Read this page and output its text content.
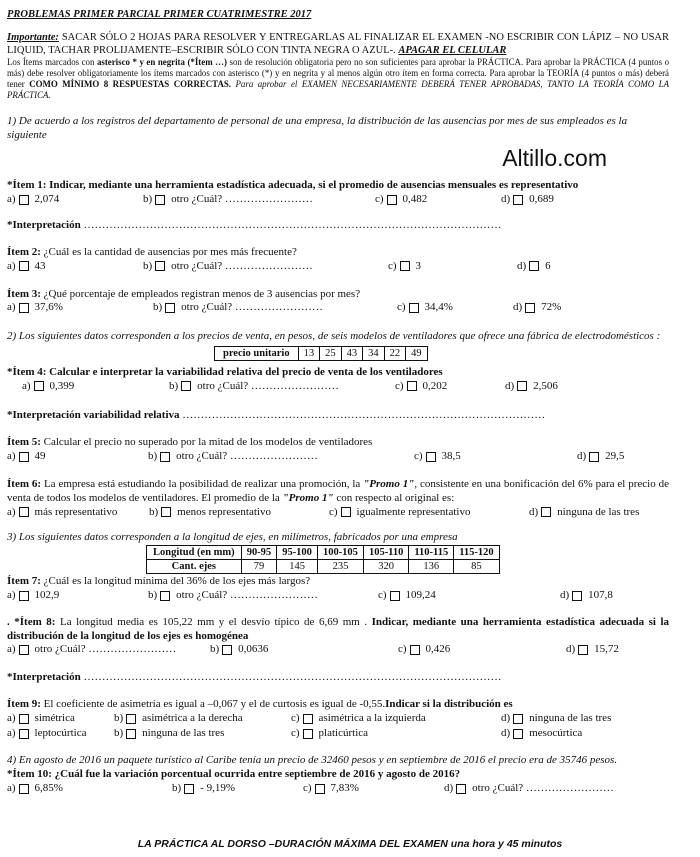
PROBLEMAS PRIMER PARCIAL PRIMER CUATRIMESTRE 2017
Importante: SACAR SÓLO 2 HOJAS PARA RESOLVER Y ENTREGARLAS AL FINALIZAR EL EXAMEN -NO ESCRIBIR CON LÁPIZ – NO USAR LIQUID, TACHAR PROLIJAMENTE–ESCRIBIR SÓLO CON TINTA NEGRA O AZUL-. APAGAR EL CELULAR
Los Ítems marcados con asterisco * y en negrita (*Ítem …) son de resolución obligatoria pero no son suficientes para aprobar la PRÁCTICA. Para aprobar la PRÁCTICA (4 puntos o más) debe resolver obligatoriamente los ítems marcados con asterisco (*) y en negrita y al menos algún otro ítem en forma correcta. Para aprobar la TEORÍA (4 puntos o más) deberá tener COMO MÍNIMO 8 RESPUESTAS CORRECTAS. Para aprobar el EXAMEN NECESARIAMENTE DEBERÁ TENER APROBADAS, TANTO LA TEORÍA COMO LA PRÁCTICA.
1) De acuerdo a los registros del departamento de personal de una empresa, la distribución de las ausencias por mes de sus empleados es la siguiente
Altillo.com
*Ítem 1: Indicar, mediante una herramienta estadística adecuada, si el promedio de ausencias mensuales es representativo
a) 2,074	b) otro ¿Cuál? ……………………	c) 0,482	d) 0,689
*Interpretación ……………………………………………………………………………………………………
Ítem 2: ¿Cuál es la cantidad de ausencias por mes más frecuente?
a) 43	b) otro ¿Cuál? ……………………	c) 3	d) 6
Ítem 3: ¿Qué porcentaje de empleados registran menos de 3 ausencias por mes?
a) 37,6%	b) otro ¿Cuál? ……………………	c) 34,4%	d) 72%
2) Los siguientes datos corresponden a los precios de venta, en pesos, de seis modelos de ventiladores que ofrece una fábrica de electrodomésticos :
precio unitario	13	25	43	34	22	49
*Ítem 4: Calcular e interpretar la variabilidad relativa del precio de venta de los ventiladores
a) 0,399	b) otro ¿Cuál? ……………………	c) 0,202	d) 2,506
*Interpretación variabilidad relativa ………………………………………………………………………………………
Ítem 5: Calcular el precio no superado por la mitad de los modelos de ventiladores
a) 49	b) otro ¿Cuál? ……………………	c) 38,5	d) 29,5
Ítem 6: La empresa está estudiando la posibilidad de realizar una promoción, la "Promo 1", consistente en una bonificación del 6% para el precio de venta de todos los modelos de ventiladores. El promedio de la "Promo 1" con respecto al original es:
a) más representativo	b) menos representativo	c) igualmente representativo	d) ninguna de las tres
3) Los siguientes datos corresponden a la longitud de ejes, en milímetros, fabricados por una empresa
Longitud (en mm)	90-95	95-100	100-105	105-110	110-115	115-120
Cant. ejes	79	145	235	320	136	85
Ítem 7: ¿Cuál es la longitud mínima del 36% de los ejes más largos?
a) 102,9	b) otro ¿Cuál? ……………………	c) 109,24	d) 107,8
. *Ítem 8: La longitud media es 105,22 mm y el desvío típico de 6,69 mm . Indicar, mediante una herramienta estadística adecuada si la distribución de la longitud de los ejes es homogénea
a) otro ¿Cuál? ……………………	b) 0,0636	c) 0,426	d) 15,72
*Interpretación ……………………………………………………………………………………………………
Ítem 9: El coeficiente de asimetría es igual a –0,067 y el de curtosis es igual de -0,55.Indicar si la distribución es
a) simétrica	b) asimétrica a la derecha	c) asimétrica a la izquierda	d) ninguna de las tres
a) leptocúrtica	b) ninguna de las tres	c) platicúrtica	d) mesocúrtica
4) En agosto de 2016 un paquete turístico al Caribe tenía un precio de 32460 pesos y en septiembre de 2016 el precio era de 35746 pesos.
*Ítem 10: ¿Cuál fue la variación porcentual ocurrida entre septiembre de 2016 y agosto de 2016?
a) 6,85%	b) - 9,19%	c) 7,83%	d) otro ¿Cuál? ……………………
LA PRÁCTICA AL DORSO –DURACIÓN MÁXIMA DEL EXAMEN una hora y 45 minutos
